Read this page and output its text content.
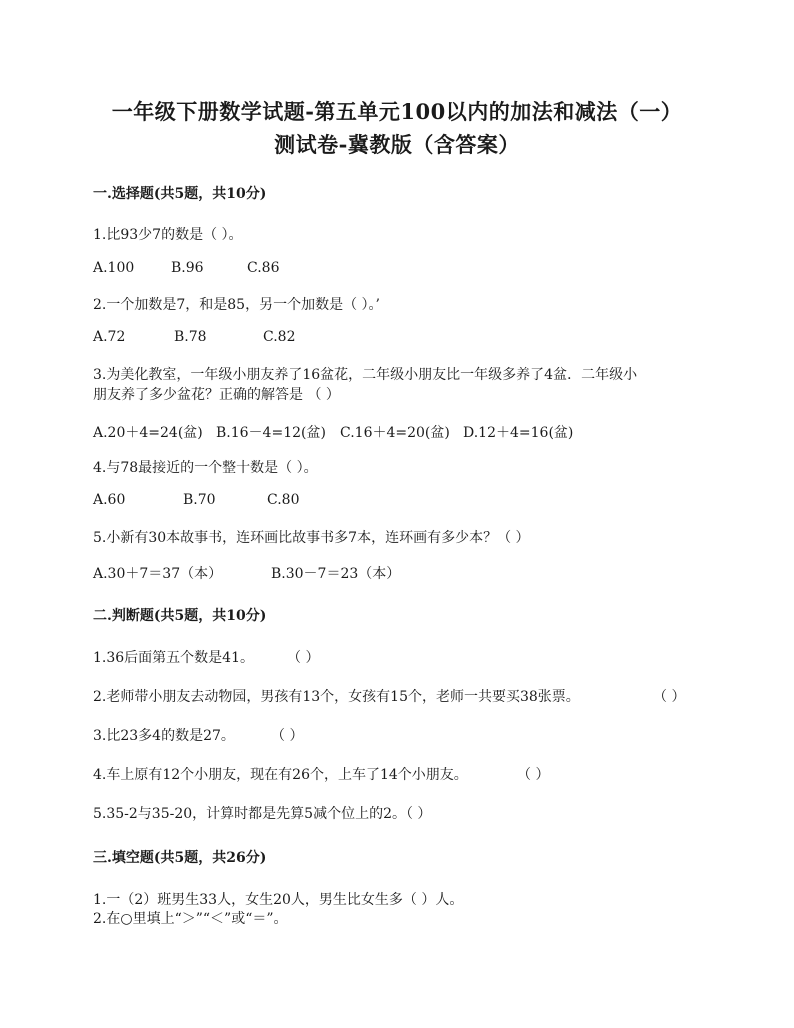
一年级下册数学试题-第五单元100以内的加法和减法（一）
测试卷-冀教版（含答案）
一.选择题(共5题，共10分)
1.比93少7的数是（ ）。
A.100	B.96	C.86
2.一个加数是7，和是85，另一个加数是（ ）。’
A.72	B.78	C.82
3.为美化教室，一年级小朋友养了16盆花，二年级小朋友比一年级多养了4盆．二年级小
朋友养了多少盆花？正确的解答是 （ ）
A.20＋4=24(盆) B.16－4=12(盆) C.16＋4=20(盆) D.12＋4=16(盆)
4.与78最接近的一个整十数是（ ）。
A.60	B.70	C.80
5.小新有30本故事书，连环画比故事书多7本，连环画有多少本？（ ）
A.30＋7＝37（本）	B.30－7＝23（本）
二.判断题(共5题，共10分)
1.36后面第五个数是41。 （ ）
2.老师带小朋友去动物园，男孩有13个，女孩有15个，老师一共要买38张票。	（ ）
3.比23多4的数是27。	（ ）
4.车上原有12个小朋友，现在有26个，上车了14个小朋友。	（ ）
5.35-2与35-20，计算时都是先算5减个位上的2。（ ）
三.填空题(共5题，共26分)
1.一（2）班男生33人，女生20人，男生比女生多（ ）人。
2.在○里填上“＞”“＜”或“＝”。
